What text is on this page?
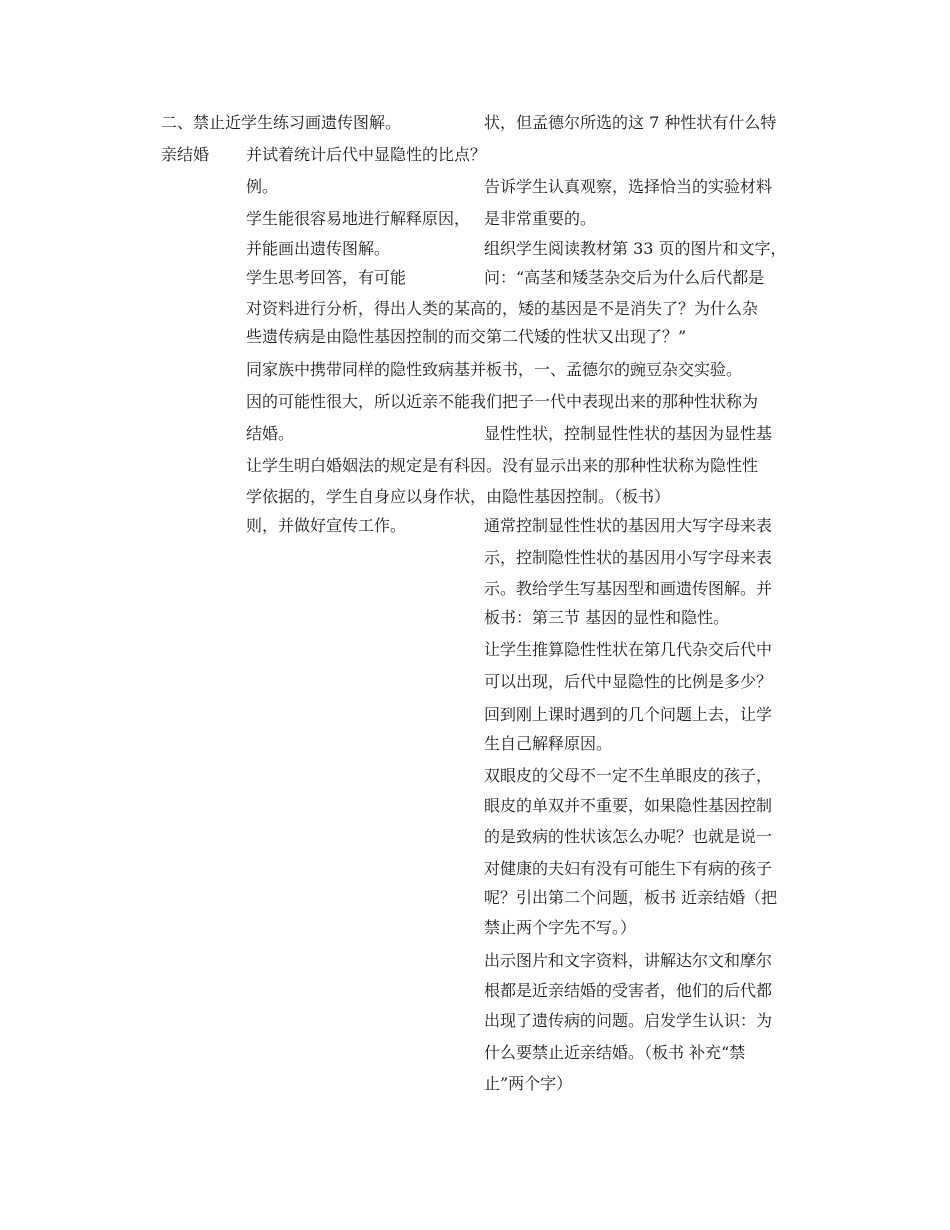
二、禁止近学生练习画遗传图解。
亲结婚 并试着统计后代中显隐性的比点？
例。
学生能很容易地进行解释原因，
并能画出遗传图解。
学生思考回答，有可能
对资料进行分析，得出人类的某高的，矮的基因是不是消失了？为什么杂
些遗传病是由隐性基因控制的而交第二代矮的性状又出现了？”
同家族中携带同样的隐性致病基并板书，一、孟德尔的豌豆杂交实验。
因的可能性很大，所以近亲不能我们把子一代中表现出来的那种性状称为
结婚。
让学生明白婚姻法的规定是有科因。没有显示出来的那种性状称为隐性性
学依据的，学生自身应以身作状，由隐性基因控制。（板书）
则，并做好宣传工作。
状，但孟德尔所选的这 7 种性状有什么特
告诉学生认真观察，选择恰当的实验材料
是非常重要的。
组织学生阅读教材第 33 页的图片和文字，
问：“高茎和矮茎杂交后为什么后代都是
显性性状，控制显性性状的基因为显性基
通常控制显性性状的基因用大写字母来表
示，控制隐性性状的基因用小写字母来表
示。教给学生写基因型和画遗传图解。并
板书：第三节 基因的显性和隐性。
让学生推算隐性性状在第几代杂交后代中
可以出现，后代中显隐性的比例是多少？
回到刚上课时遇到的几个问题上去，让学
生自己解释原因。
双眼皮的父母不一定不生单眼皮的孩子，
眼皮的单双并不重要，如果隐性基因控制
的是致病的性状该怎么办呢？也就是说一
对健康的夫妇有没有可能生下有病的孩子
呢？引出第二个问题，板书 近亲结婚（把
禁止两个字先不写。）
出示图片和文字资料，讲解达尔文和摩尔
根都是近亲结婚的受害者，他们的后代都
出现了遗传病的问题。启发学生认识：为
什么要禁止近亲结婚。（板书 补充“禁
止”两个字）
